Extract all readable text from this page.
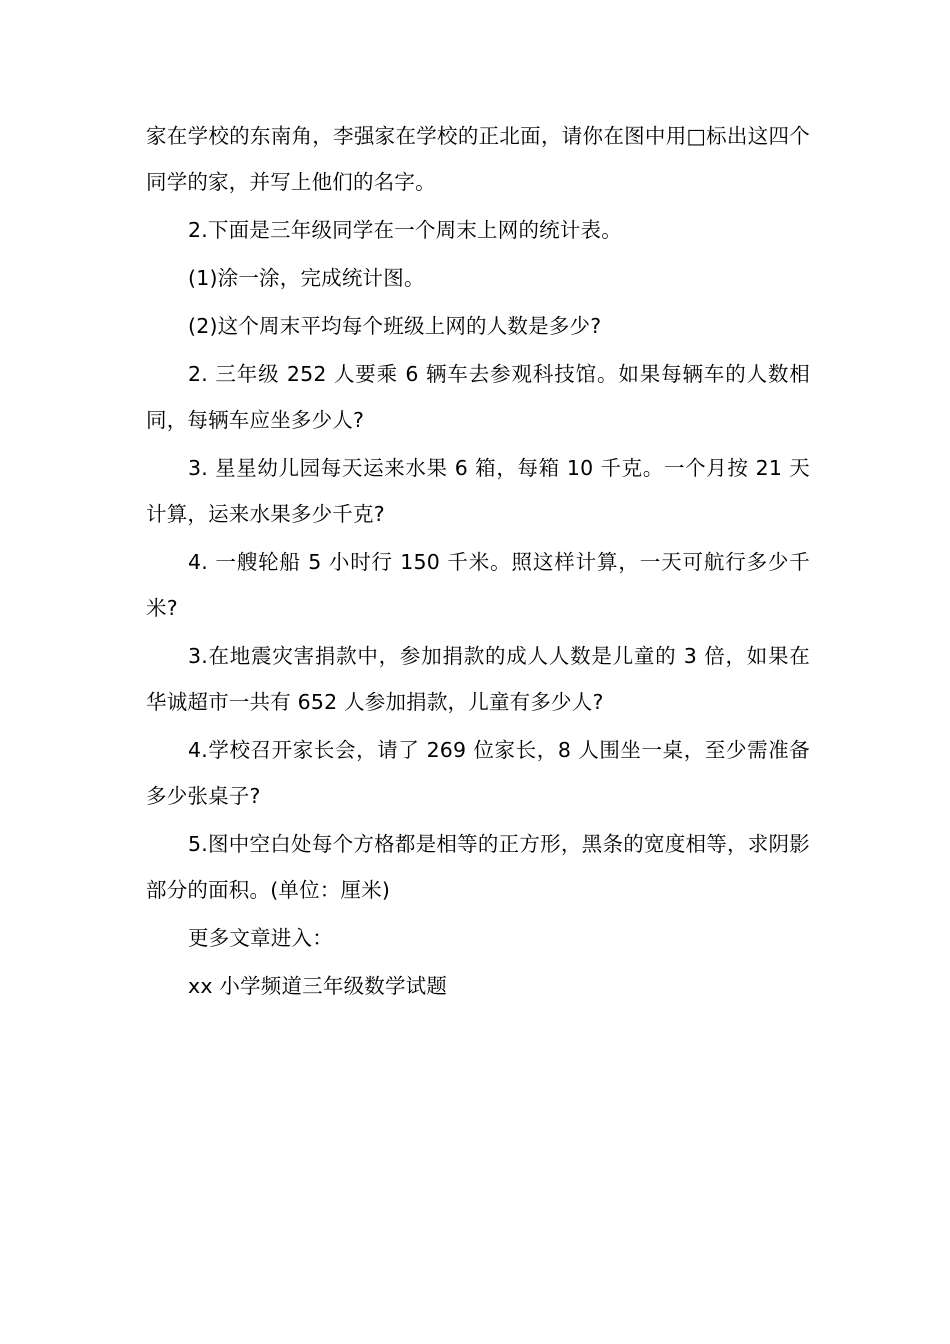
家在学校的东南角，李强家在学校的正北面，请你在图中用□标出这四个同学的家，并写上他们的名字。

2.下面是三年级同学在一个周末上网的统计表。

(1)涂一涂，完成统计图。

(2)这个周末平均每个班级上网的人数是多少?

2. 三年级 252 人要乘 6 辆车去参观科技馆。如果每辆车的人数相同，每辆车应坐多少人?

3. 星星幼儿园每天运来水果 6 箱，每箱 10 千克。一个月按 21 天计算，运来水果多少千克?

4. 一艘轮船 5 小时行 150 千米。照这样计算，一天可航行多少千米?

3.在地震灾害捐款中，参加捐款的成人人数是儿童的 3 倍，如果在华诚超市一共有 652 人参加捐款，儿童有多少人?

4.学校召开家长会，请了 269 位家长，8 人围坐一桌，至少需准备多少张桌子?

5.图中空白处每个方格都是相等的正方形，黑条的宽度相等，求阴影部分的面积。(单位：厘米)

更多文章进入：

xx 小学频道三年级数学试题
